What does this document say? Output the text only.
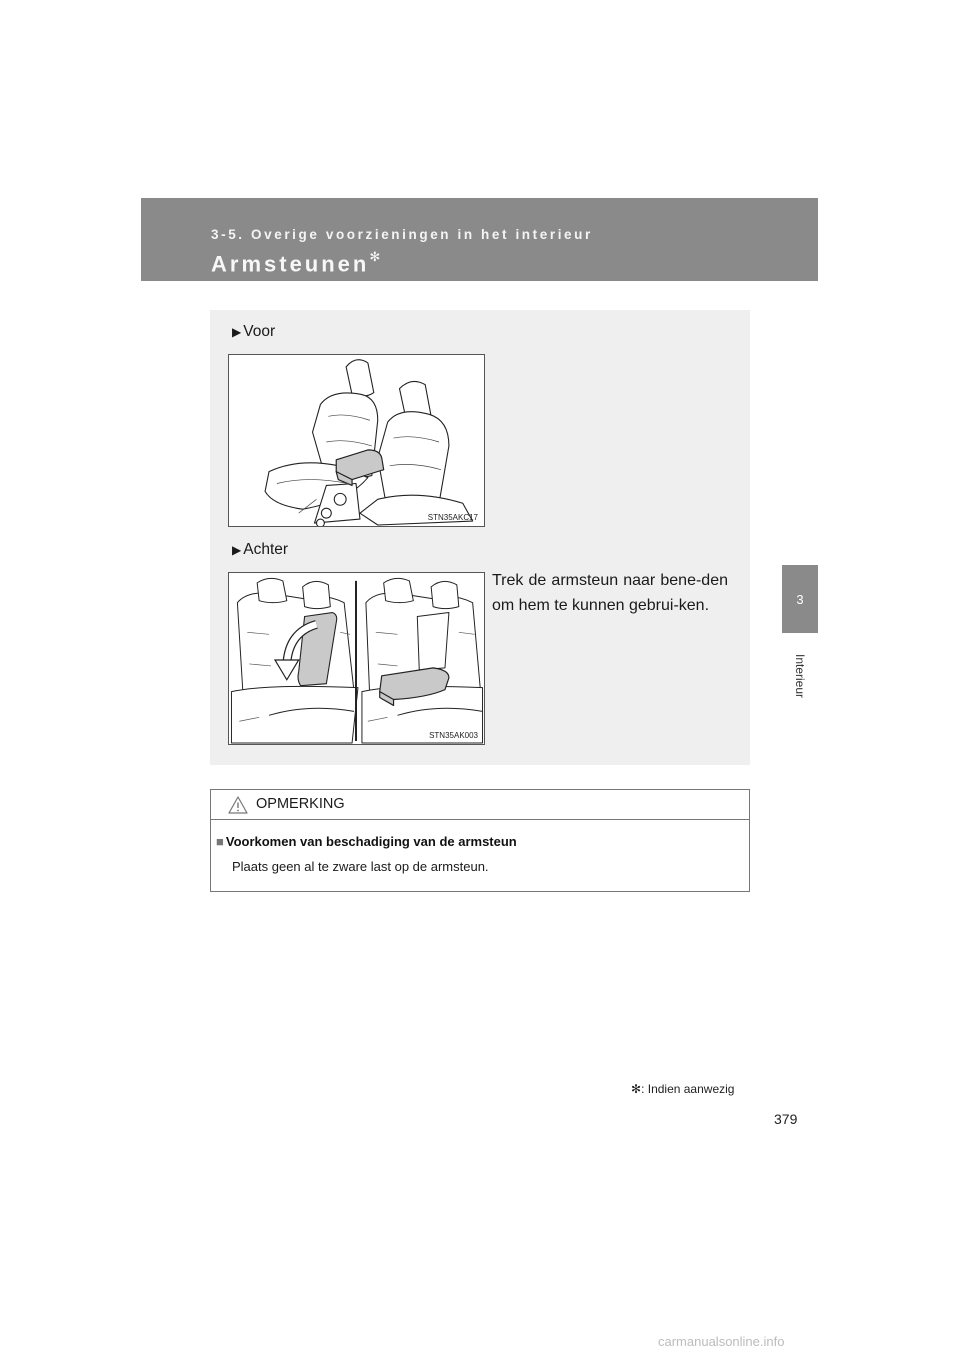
3-5. Overige voorzieningen in het interieur
Armsteunen✻
3
Interieur
▶ Voor
STN35AKC17
▶ Achter
STN35AK003
Trek de armsteun naar bene-den om hem te kunnen gebrui-ken.
OPMERKING
■ Voorkomen van beschadiging van de armsteun
Plaats geen al te zware last op de armsteun.
✻: Indien aanwezig
379
carmanualsonline.info
